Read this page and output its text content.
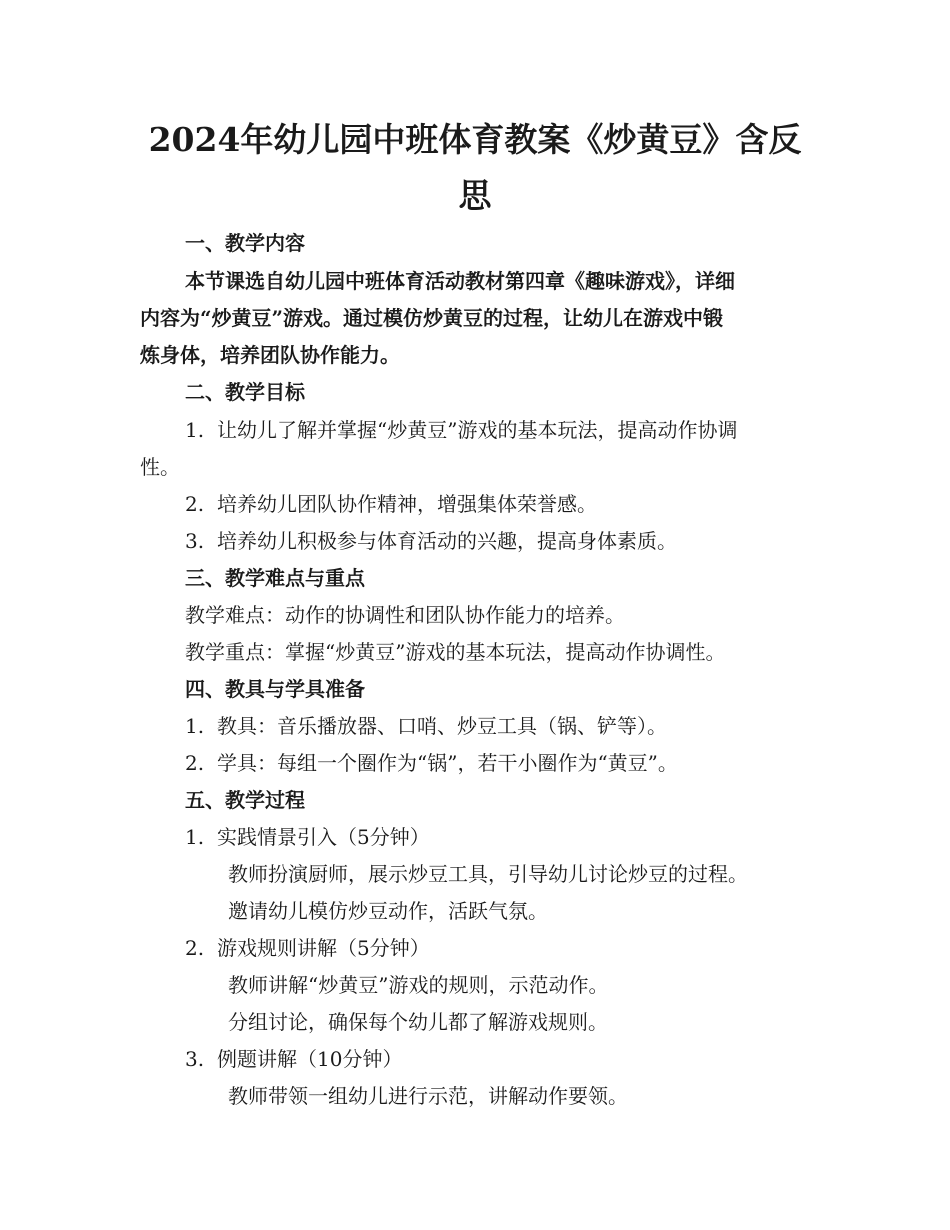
2024年幼儿园中班体育教案《炒黄豆》含反
思
一、教学内容
本节课选自幼儿园中班体育活动教材第四章《趣味游戏》，详细
内容为“炒黄豆”游戏。通过模仿炒黄豆的过程，让幼儿在游戏中锻
炼身体，培养团队协作能力。
二、教学目标
1. 让幼儿了解并掌握“炒黄豆”游戏的基本玩法，提高动作协调
性。
2. 培养幼儿团队协作精神，增强集体荣誉感。
3. 培养幼儿积极参与体育活动的兴趣，提高身体素质。
三、教学难点与重点
教学难点：动作的协调性和团队协作能力的培养。
教学重点：掌握“炒黄豆”游戏的基本玩法，提高动作协调性。
四、教具与学具准备
1. 教具：音乐播放器、口哨、炒豆工具（锅、铲等）。
2. 学具：每组一个圈作为“锅”，若干小圈作为“黄豆”。
五、教学过程
1. 实践情景引入（5分钟）
教师扮演厨师，展示炒豆工具，引导幼儿讨论炒豆的过程。
邀请幼儿模仿炒豆动作，活跃气氛。
2. 游戏规则讲解（5分钟）
教师讲解“炒黄豆”游戏的规则，示范动作。
分组讨论，确保每个幼儿都了解游戏规则。
3. 例题讲解（10分钟）
教师带领一组幼儿进行示范，讲解动作要领。
